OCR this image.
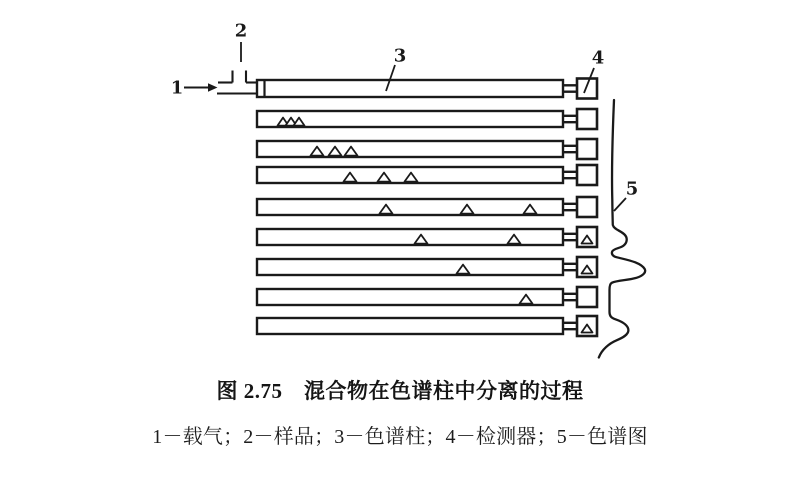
1
2
3	4
5
图 2.75　混合物在色谱柱中分离的过程
1－载气；2－样品；3－色谱柱；4－检测器；5－色谱图
